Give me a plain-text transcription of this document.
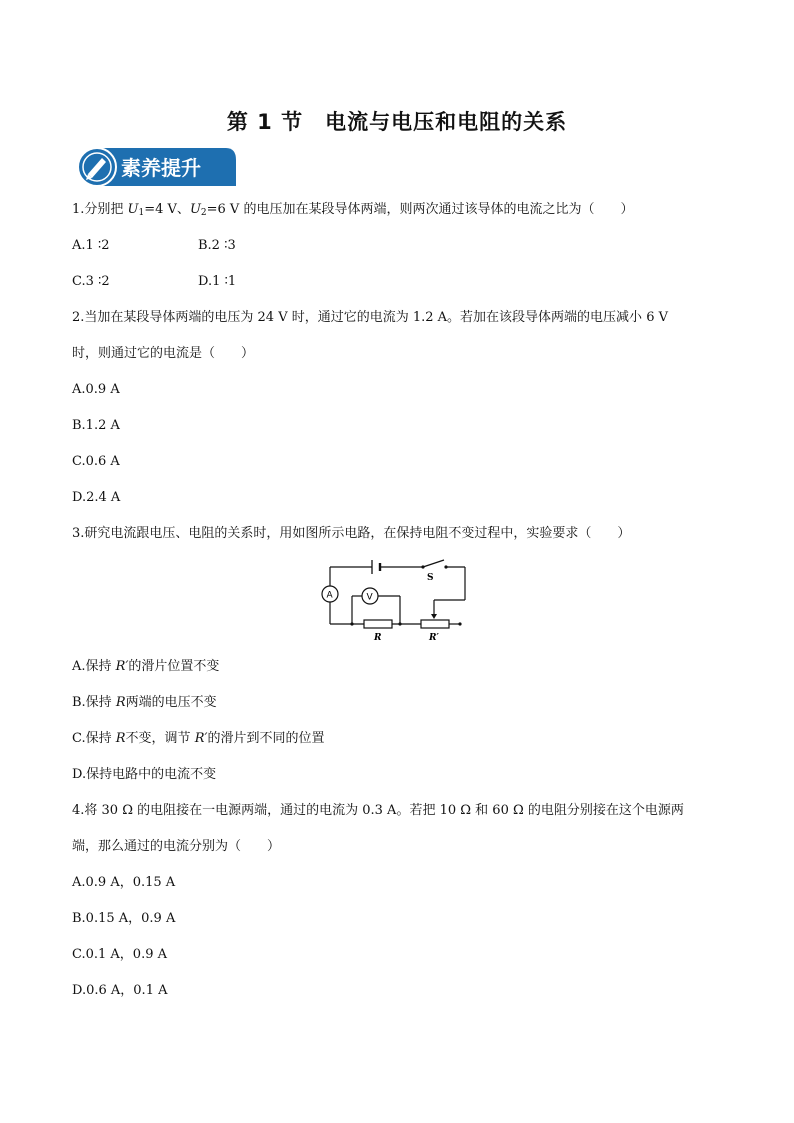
第 1 节　电流与电压和电阻的关系
素养提升
1.分别把 $U_1=4$ V、$U_2=6$ V 的电压加在某段导体两端，则两次通过该导体的电流之比为（　　）
A.1 ∶2	B.2 ∶3
C.3 ∶2	D.1 ∶1
2.当加在某段导体两端的电压为 24 V 时，通过它的电流为 1.2 A。若加在该段导体两端的电压减小 6 V
时，则通过它的电流是（　　）
A.0.9 A
B.1.2 A
C.0.6 A
D.2.4 A
3.研究电流跟电压、电阻的关系时，用如图所示电路，在保持电阻不变过程中，实验要求（　　）
S
A	V
R	R′
A.保持 R′的滑片位置不变
B.保持 R两端的电压不变
C.保持 R不变，调节 R′的滑片到不同的位置
D.保持电路中的电流不变
4.将 30 Ω 的电阻接在一电源两端，通过的电流为 0.3 A。若把 10 Ω 和 60 Ω 的电阻分别接在这个电源两
端，那么通过的电流分别为（　　）
A.0.9 A，0.15 A
B.0.15 A，0.9 A
C.0.1 A，0.9 A
D.0.6 A，0.1 A
